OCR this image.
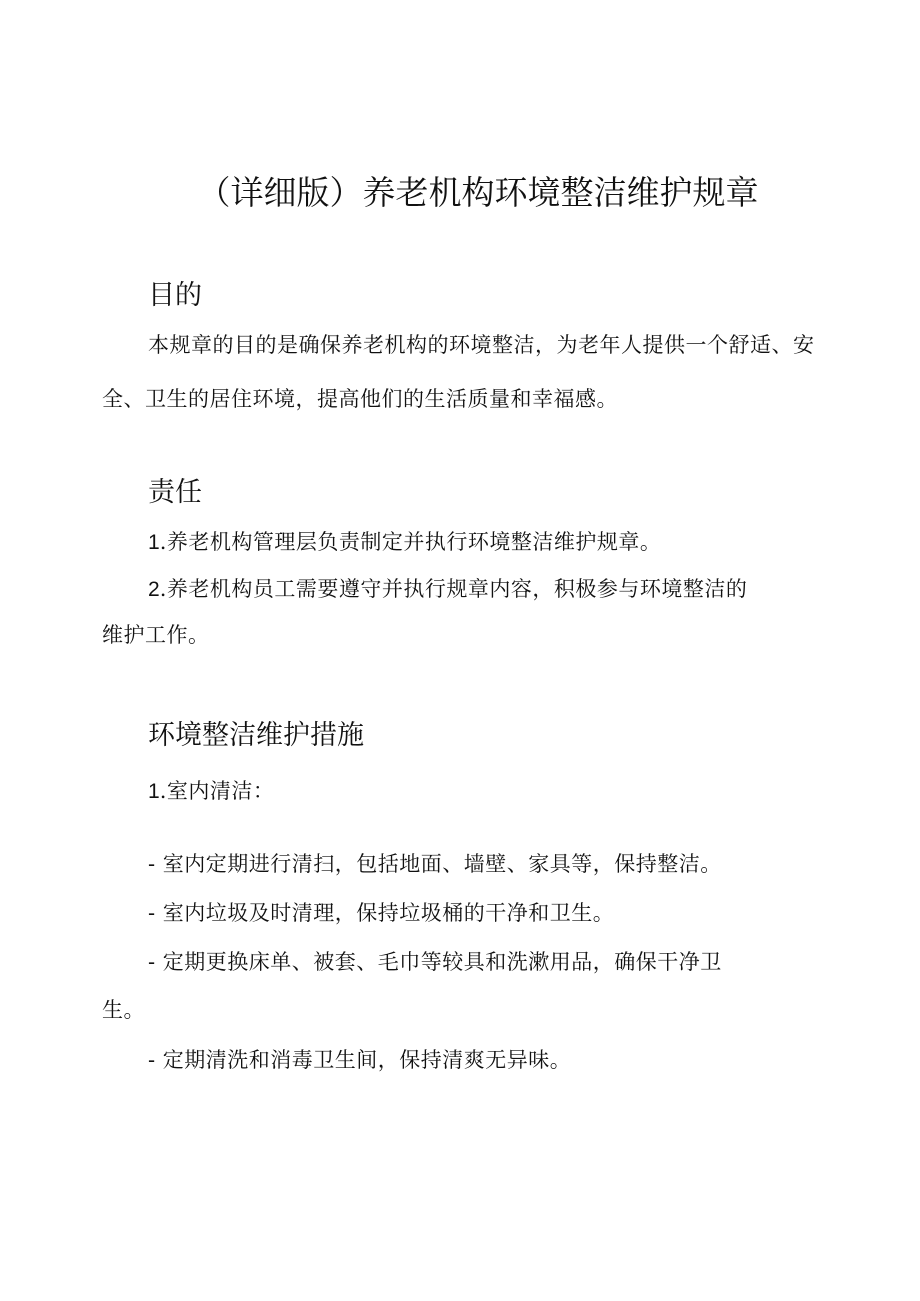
（详细版）养老机构环境整洁维护规章
目的
本规章的目的是确保养老机构的环境整洁，为老年人提供一个舒适、安全、卫生的居住环境，提高他们的生活质量和幸福感。
责任
1.养老机构管理层负责制定并执行环境整洁维护规章。
2.养老机构员工需要遵守并执行规章内容，积极参与环境整洁的
维护工作。
环境整洁维护措施
1.室内清洁：
- 室内定期进行清扫，包括地面、墙壁、家具等，保持整洁。
- 室内垃圾及时清理，保持垃圾桶的干净和卫生。
- 定期更换床单、被套、毛巾等较具和洗漱用品，确保干净卫
生。
- 定期清洗和消毒卫生间，保持清爽无异味。
